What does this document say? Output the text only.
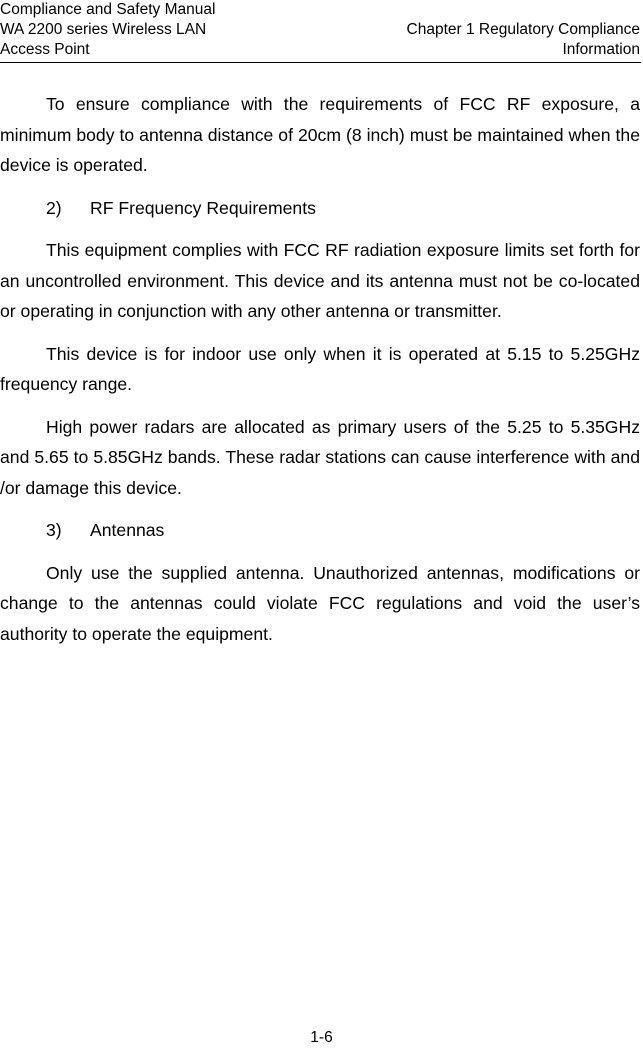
Compliance and Safety Manual
WA 2200 series Wireless LAN
Access Point
Chapter 1 Regulatory Compliance
Information

To ensure compliance with the requirements of FCC RF exposure, a minimum body to antenna distance of 20cm (8 inch) must be maintained when the device is operated.

2) RF Frequency Requirements

This equipment complies with FCC RF radiation exposure limits set forth for an uncontrolled environment. This device and its antenna must not be co-located or operating in conjunction with any other antenna or transmitter.

This device is for indoor use only when it is operated at 5.15 to 5.25GHz frequency range.

High power radars are allocated as primary users of the 5.25 to 5.35GHz and 5.65 to 5.85GHz bands. These radar stations can cause interference with and /or damage this device.

3) Antennas

Only use the supplied antenna. Unauthorized antennas, modifications or change to the antennas could violate FCC regulations and void the user’s authority to operate the equipment.

1-6
